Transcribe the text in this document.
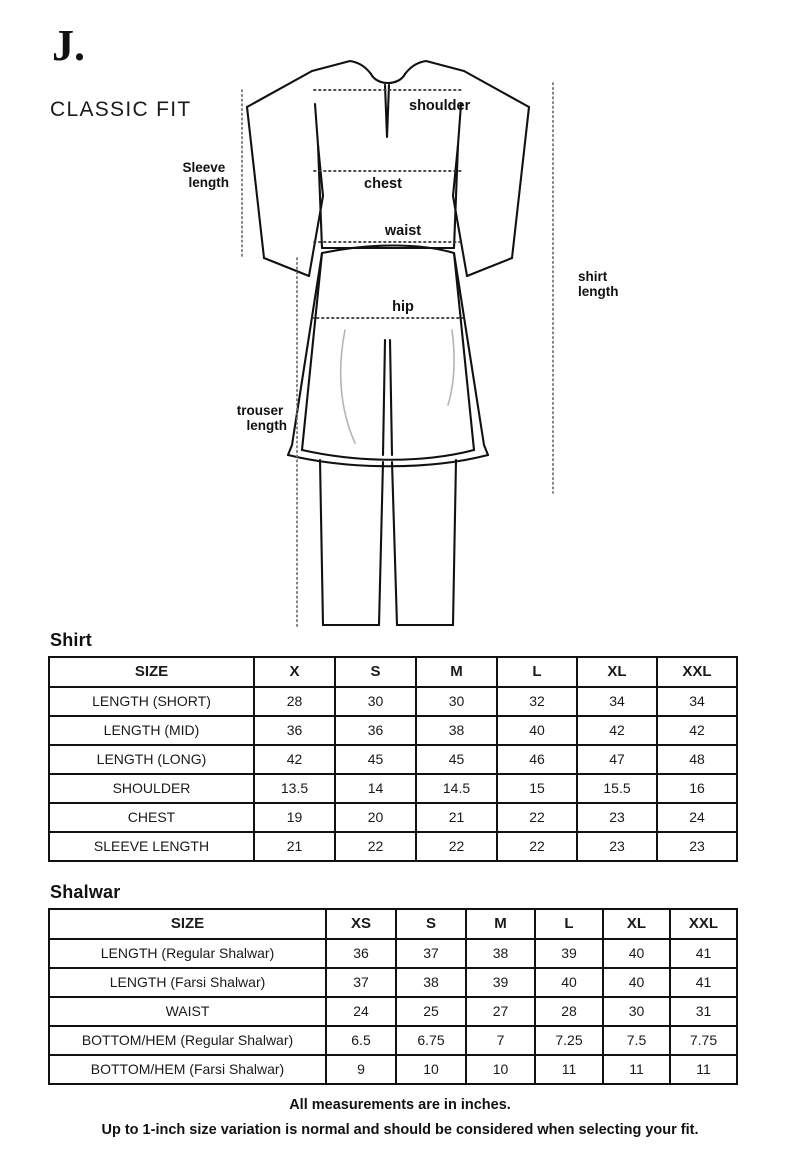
J.
CLASSIC FIT	shoulder
chest
waist
hip
Sleeve length
shirt length
trouser length
Shirt
SIZE	X	S	M	L	XL	XXL
LENGTH (SHORT)	28	30	30	32	34	34
LENGTH (MID)	36	36	38	40	42	42
LENGTH (LONG)	42	45	45	46	47	48
SHOULDER	13.5	14	14.5	15	15.5	16
CHEST	19	20	21	22	23	24
SLEEVE LENGTH	21	22	22	22	23	23
Shalwar
SIZE	XS	S	M	L	XL	XXL
LENGTH (Regular Shalwar)	36	37	38	39	40	41
LENGTH (Farsi Shalwar)	37	38	39	40	40	41
WAIST	24	25	27	28	30	31
BOTTOM/HEM (Regular Shalwar)	6.5	6.75	7	7.25	7.5	7.75
BOTTOM/HEM (Farsi Shalwar)	9	10	10	11	11	11
All measurements are in inches.
Up to 1-inch size variation is normal and should be considered when selecting your fit.
